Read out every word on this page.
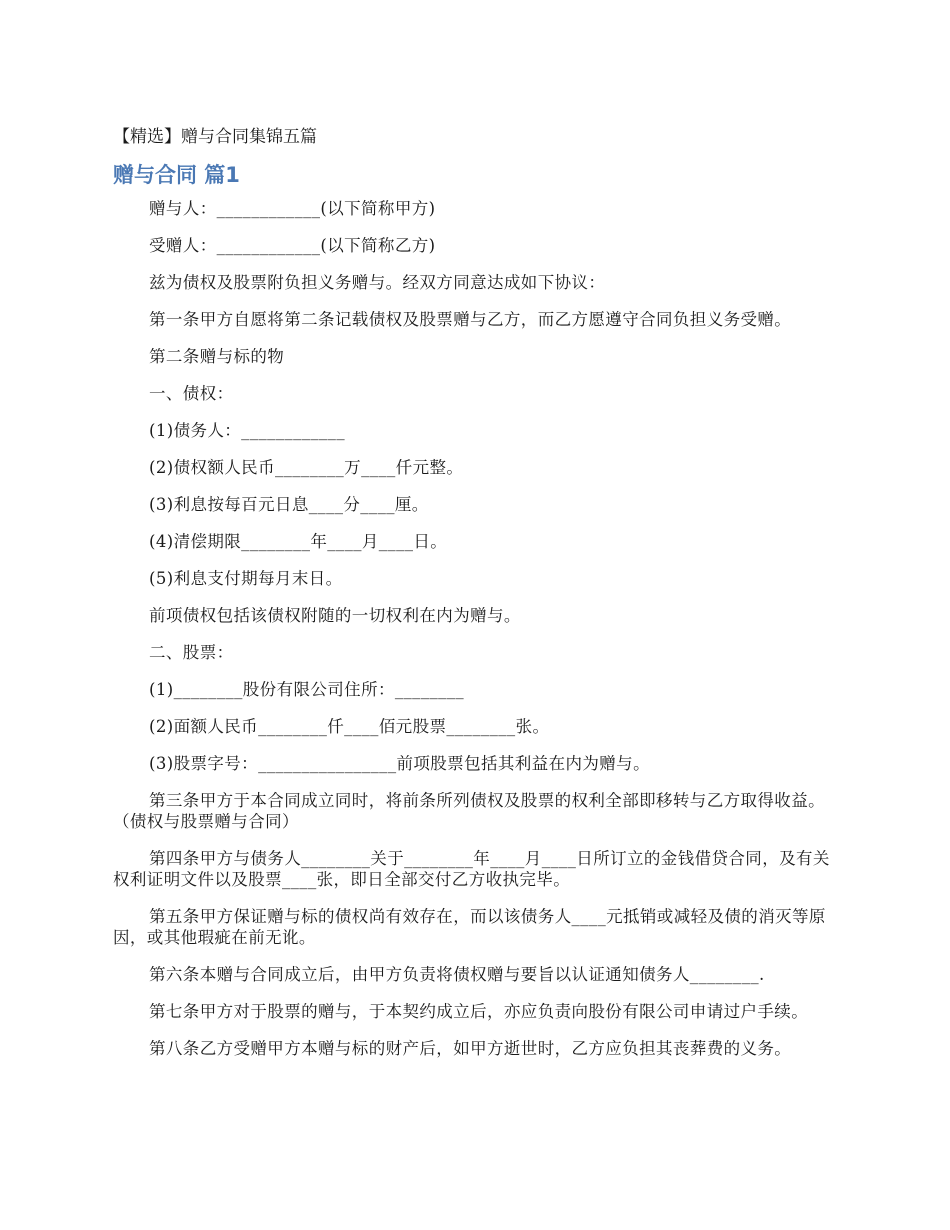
【精选】赠与合同集锦五篇
赠与合同 篇1

赠与人：____________(以下简称甲方)

受赠人：____________(以下简称乙方)

兹为债权及股票附负担义务赠与。经双方同意达成如下协议：

第一条甲方自愿将第二条记载债权及股票赠与乙方，而乙方愿遵守合同负担义务受赠。

第二条赠与标的物

一、债权：

(1)债务人：____________

(2)债权额人民币________万____仟元整。

(3)利息按每百元日息____分____厘。

(4)清偿期限________年____月____日。

(5)利息支付期每月末日。

前项债权包括该债权附随的一切权利在内为赠与。

二、股票：

(1)________股份有限公司住所：________

(2)面额人民币________仟____佰元股票________张。

(3)股票字号：________________前项股票包括其利益在内为赠与。

第三条甲方于本合同成立同时，将前条所列债权及股票的权利全部即移转与乙方取得收益。（债权与股票赠与合同）

第四条甲方与债务人________关于________年____月____日所订立的金钱借贷合同，及有关权利证明文件以及股票____张，即日全部交付乙方收执完毕。

第五条甲方保证赠与标的债权尚有效存在，而以该债务人____元抵销或减轻及债的消灭等原因，或其他瑕疵在前无讹。

第六条本赠与合同成立后，由甲方负责将债权赠与要旨以认证通知债务人________.

第七条甲方对于股票的赠与，于本契约成立后，亦应负责向股份有限公司申请过户手续。

第八条乙方受赠甲方本赠与标的财产后，如甲方逝世时，乙方应负担其丧葬费的义务。
